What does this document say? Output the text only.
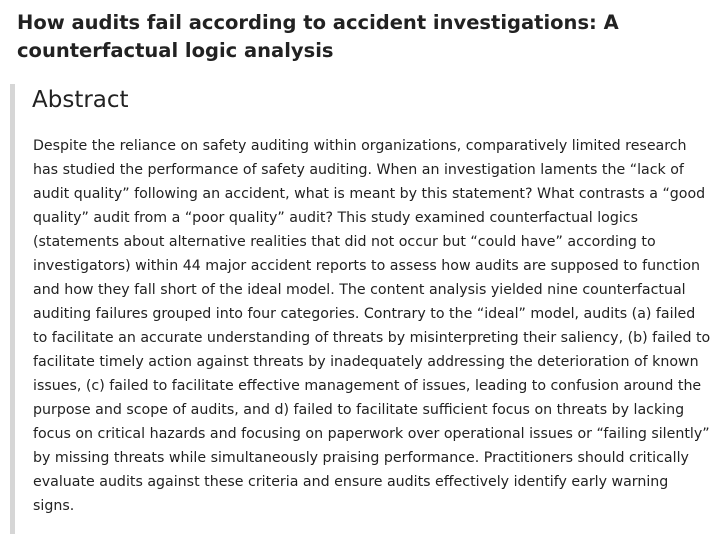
How audits fail according to accident investigations: A counterfactual logic analysis
Abstract

Despite the reliance on safety auditing within organizations, comparatively limited research has studied the performance of safety auditing. When an investigation laments the “lack of audit quality” following an accident, what is meant by this statement? What contrasts a “good quality” audit from a “poor quality” audit? This study examined counterfactual logics (statements about alternative realities that did not occur but “could have” according to investigators) within 44 major accident reports to assess how audits are supposed to function and how they fall short of the ideal model. The content analysis yielded nine counterfactual auditing failures grouped into four categories. Contrary to the “ideal” model, audits (a) failed to facilitate an accurate understanding of threats by misinterpreting their saliency, (b) failed to facilitate timely action against threats by inadequately addressing the deterioration of known issues, (c) failed to facilitate effective management of issues, leading to confusion around the purpose and scope of audits, and d) failed to facilitate sufficient focus on threats by lacking focus on critical hazards and focusing on paperwork over operational issues or “failing silently” by missing threats while simultaneously praising performance. Practitioners should critically evaluate audits against these criteria and ensure audits effectively identify early warning signs.
